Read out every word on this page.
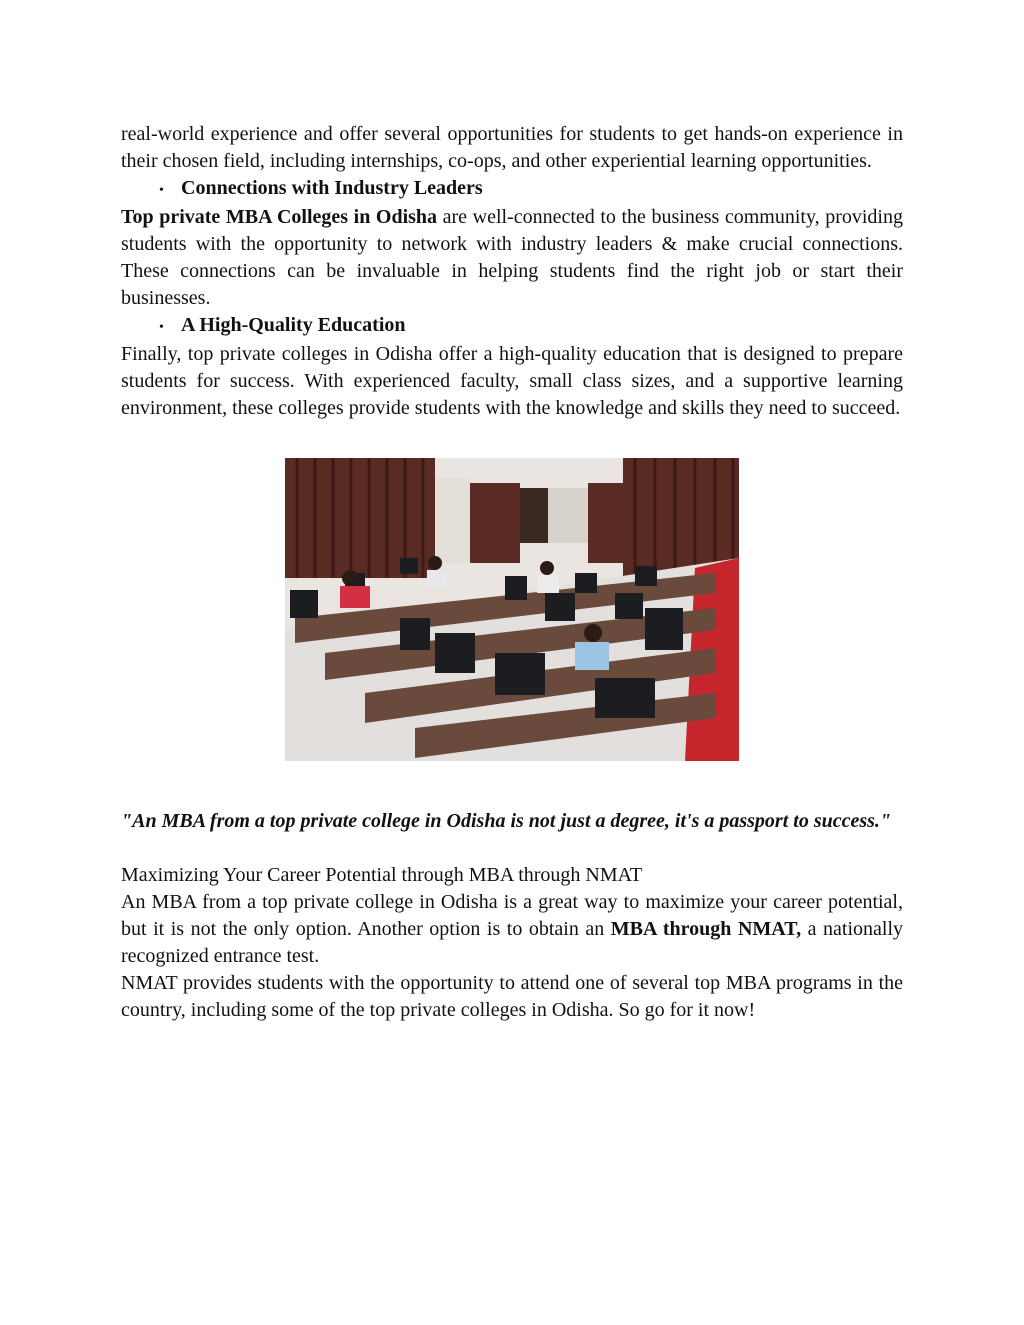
real-world experience and offer several opportunities for students to get hands-on experience in their chosen field, including internships, co-ops, and other experiential learning opportunities.

• Connections with Industry Leaders

Top private MBA Colleges in Odisha are well-connected to the business community, providing students with the opportunity to network with industry leaders & make crucial connections. These connections can be invaluable in helping students find the right job or start their businesses.

• A High-Quality Education

Finally, top private colleges in Odisha offer a high-quality education that is designed to prepare students for success. With experienced faculty, small class sizes, and a supportive learning environment, these colleges provide students with the knowledge and skills they need to succeed.

"An MBA from a top private college in Odisha is not just a degree, it's a passport to success."

Maximizing Your Career Potential through MBA through NMAT

An MBA from a top private college in Odisha is a great way to maximize your career potential, but it is not the only option. Another option is to obtain an MBA through NMAT, a nationally recognized entrance test.

NMAT provides students with the opportunity to attend one of several top MBA programs in the country, including some of the top private colleges in Odisha. So go for it now!
